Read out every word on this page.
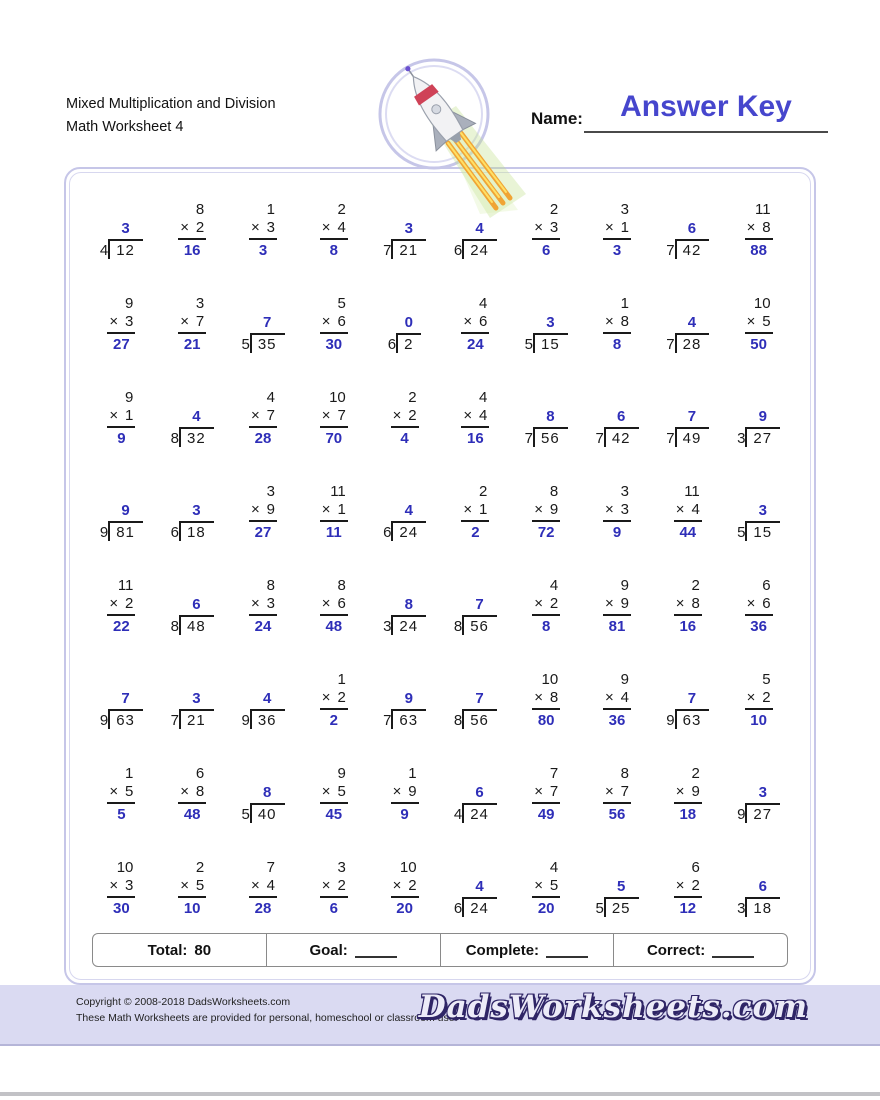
Mixed Multiplication and Division
Math Worksheet 4	Name:	Answer Key
4
3
12
8
× 2
16
1
× 3
3
2
× 4
8	7
3
21	6
4
24
2
× 3
6
3
× 1
3	7
6
42
11
× 8
88
9
× 3
27
3
× 7
21	5
7
35
5
× 6
30	6
0
2
4
× 6
24	5
3
15
1
× 8
8	7
4
28
10
× 5
50
9
× 1
9	8
4
32
4
× 7
28
10
× 7
70
2
× 2
4
4
× 4
16	7
8
56	7
6
42	7
7
49	3
9
27
9
9
81	6
3
18
3
× 9
27
11
× 1
11	6
4
24
2
× 1
2
8
× 9
72
3
× 3
9
11
× 4
44	5
3
15
11
× 2
22	8
6
48
8
× 3
24
8
× 6
48	3
8
24	8
7
56
4
× 2
8
9
× 9
81
2
× 8
16
6
× 6
36
9
7
63	7
3
21	9
4
36
1
× 2
2	7
9
63	8
7
56
10
× 8
80
9
× 4
36	9
7
63
5
× 2
10
1
× 5
5
6
× 8
48	5
8
40
9
× 5
45
1
× 9
9	4
6
24
7
× 7
49
8
× 7
56
2
× 9
18	9
3
27
10
× 3
30
2
× 5
10
7
× 4
28
3
× 2
6
10
× 2
20	6
4
24
4
× 5
20	5
5
25
6
× 2
12	3
6
18
Total: 80	Goal:	Complete:	Correct:
Copyright © 2008-2018 DadsWorksheets.com
These Math Worksheets are provided for personal, homeschool or classroom use.
DadsWorksheets.com
